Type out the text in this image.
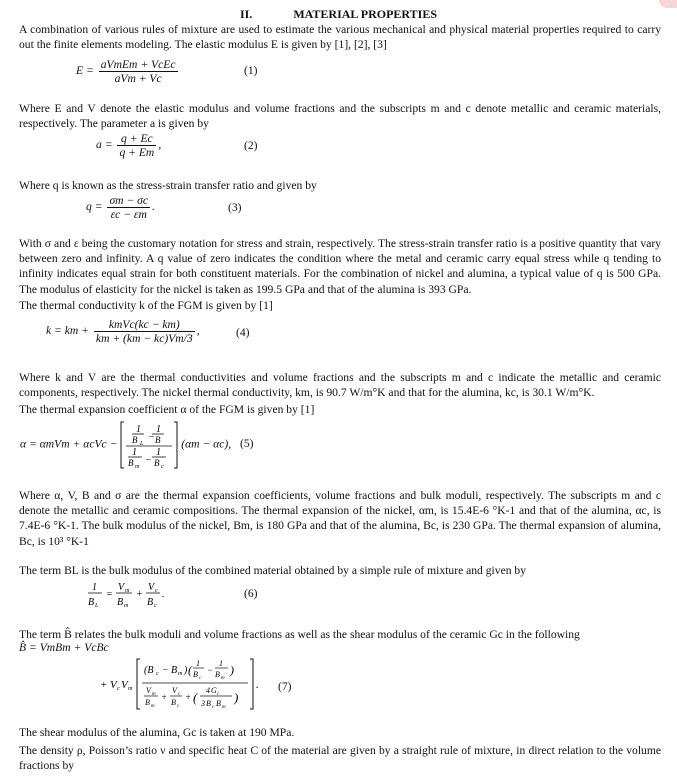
II.	MATERIAL PROPERTIES
A combination of various rules of mixture are used to estimate the various mechanical and physical material properties required to carry out the finite elements modeling. The elastic modulus E is given by [1], [2], [3]
E = aVmEm + VcEc
aVm + Vc
(1)
Where E and V denote the elastic modulus and volume fractions and the subscripts m and c denote metallic and ceramic materials, respectively. The parameter a is given by
$a = \frac{q + Ec}{q + Em}$ ,	(2)
Where q is known as the stress-strain transfer ratio and given by
$q = \frac{\sigma m - \sigma c}{\varepsilon c - \varepsilon m}$ .	(3)
With σ and ε being the customary notation for stress and strain, respectively. The stress-strain transfer ratio is a positive quantity that vary between zero and infinity. A q value of zero indicates the condition where the metal and ceramic carry equal stress while q tending to infinity indicates equal strain for both constituent materials. For the combination of nickel and alumina, a typical value of q is 500 GPa. The modulus of elasticity for the nickel is taken as 199.5 GPa and that of the alumina is 393 GPa.
The thermal conductivity k of the FGM is given by [1]
k = km +	kmVc(kc − km)
km + (km − kc)Vm/3
,	(4)
Where k and V are the thermal conductivities and volume fractions and the subscripts m and c indicate the metallic and ceramic components, respectively. The nickel thermal conductivity, km, is 90.7 W/m°K and that for the alumina, kc, is 30.1 W/m°K.
The thermal expansion coefficient α of the FGM is given by [1]
α = αmVm + αcVc −
1 1
B L
− B
1 1
B m
− B c
(αm − αc), (5)
Where α, V, B and σ are the thermal expansion coefficients, volume fractions and bulk moduli, respectively. The subscripts m and c denote the metallic and ceramic compositions. The thermal expansion of the nickel, αm, is 15.4E-6 °K-1 and that of the alumina, αc, is 7.4E-6 °K-1. The bulk modulus of the nickel, Bm, is 180 GPa and that of the alumina, Bc, is 230 GPa. The thermal expansion of alumina, Bc, is 10³ °K-1
The term BL is the bulk modulus of the combined material obtained by a simple rule of mixture and given by
1
B L
=
V m
B m
+
V c
B c
.	(6)
The term B̂ relates the bulk moduli and volume fractions as well as the shear modulus of the ceramic Gc in the following
B̂ = VmBm + VcBc
+ V c V m
(B c − B m ) ( 1
B c
−
1
B m
)
V m
B m
+
V c
B c
+ ( 4 G c
3 B c B m
)
. (7)
The shear modulus of the alumina, Gc is taken at 190 MPa.
The density ρ, Poisson’s ratio ν and specific heat C of the material are given by a straight rule of mixture, in direct relation to the volume fractions by
